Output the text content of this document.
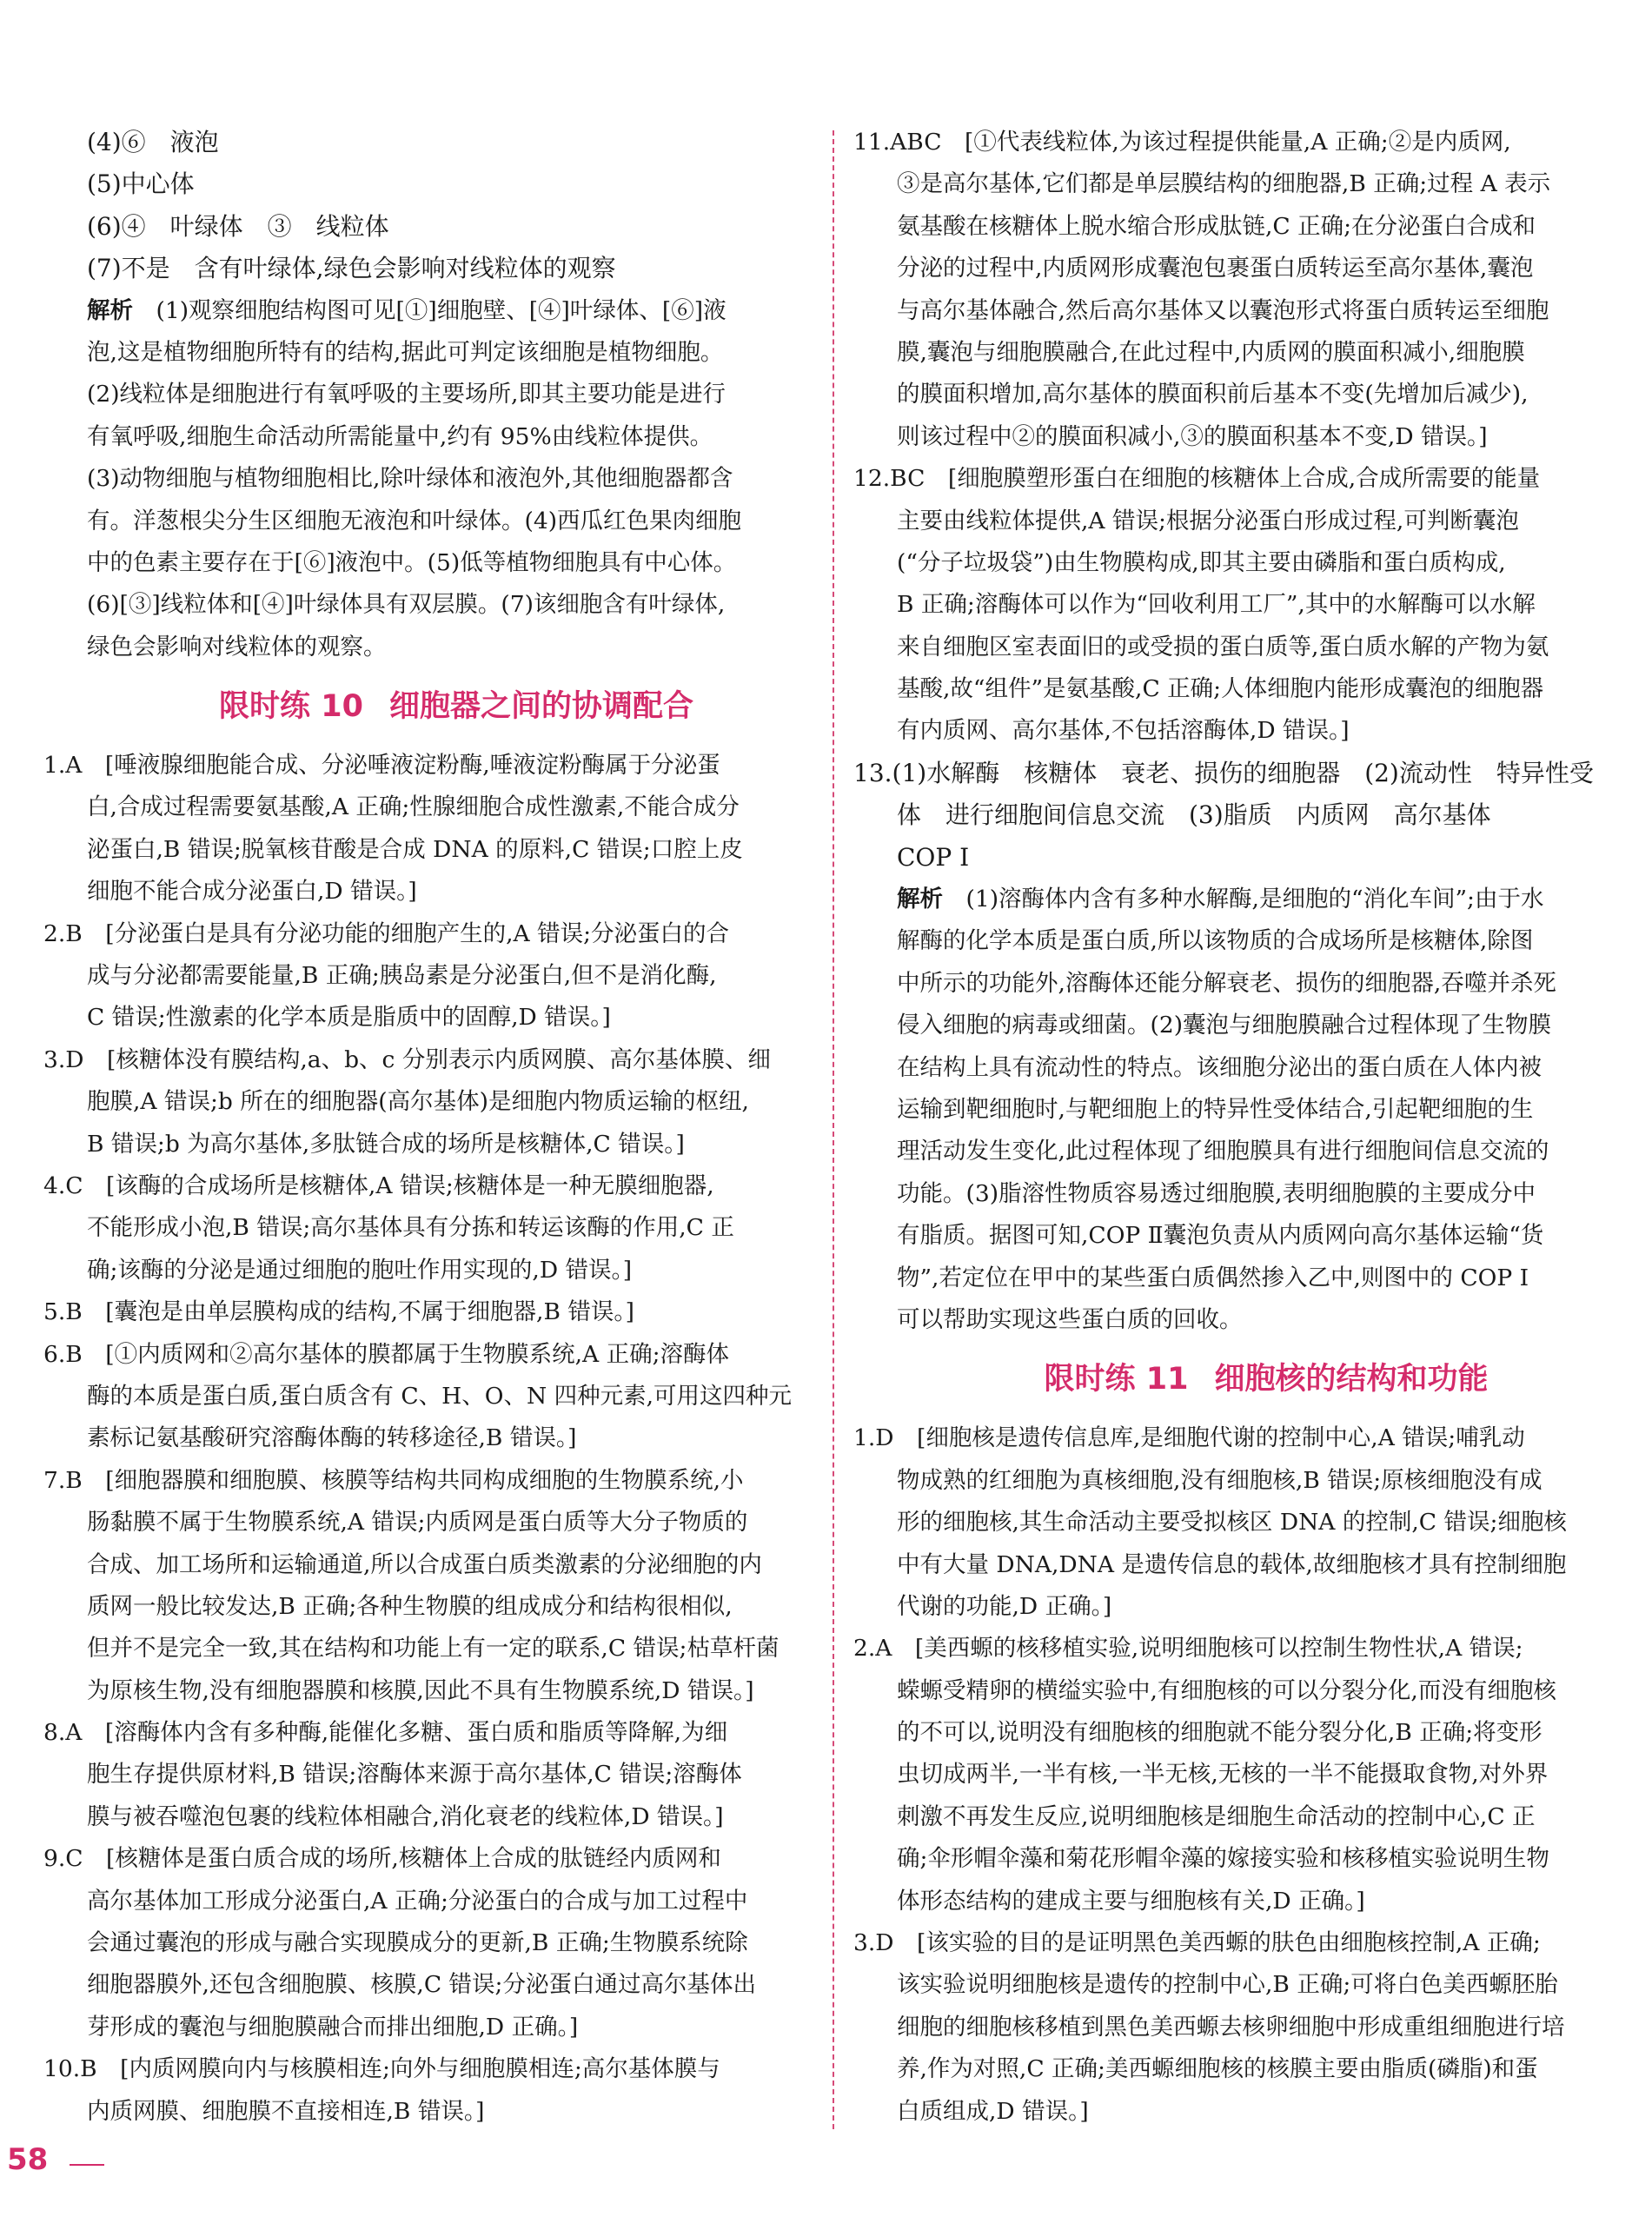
(4)⑥　液泡
(5)中心体
(6)④　叶绿体　③　线粒体
(7)不是　含有叶绿体,绿色会影响对线粒体的观察
解析　 (1)观察细胞结构图可见[①]细胞壁、[④]叶绿体、[⑥]液
泡,这是植物细胞所特有的结构,据此可判定该细胞是植物细胞。
(2)线粒体是细胞进行有氧呼吸的主要场所,即其主要功能是进行
有氧呼吸,细胞生命活动所需能量中,约有 95%由线粒体提供。
(3)动物细胞与植物细胞相比,除叶绿体和液泡外,其他细胞器都含
有。洋葱根尖分生区细胞无液泡和叶绿体。(4)西瓜红色果肉细胞
中的色素主要存在于[⑥]液泡中。(5)低等植物细胞具有中心体。
(6)[③]线粒体和[④]叶绿体具有双层膜。(7)该细胞含有叶绿体,
绿色会影响对线粒体的观察。
限时练 10 细胞器之间的协调配合
1.A　[唾液腺细胞能合成、分泌唾液淀粉酶,唾液淀粉酶属于分泌蛋
白,合成过程需要氨基酸,A 正确;性腺细胞合成性激素,不能合成分
泌蛋白,B 错误;脱氧核苷酸是合成 DNA 的原料,C 错误;口腔上皮
细胞不能合成分泌蛋白,D 错误。]
2.B　[分泌蛋白是具有分泌功能的细胞产生的,A 错误;分泌蛋白的合
成与分泌都需要能量,B 正确;胰岛素是分泌蛋白,但不是消化酶,
C 错误;性激素的化学本质是脂质中的固醇,D 错误。]
3.D　[核糖体没有膜结构,a、b、c 分别表示内质网膜、高尔基体膜、细
胞膜,A 错误;b 所在的细胞器(高尔基体)是细胞内物质运输的枢纽,
B 错误;b 为高尔基体,多肽链合成的场所是核糖体,C 错误。]
4.C　[该酶的合成场所是核糖体,A 错误;核糖体是一种无膜细胞器,
不能形成小泡,B 错误;高尔基体具有分拣和转运该酶的作用,C 正
确;该酶的分泌是通过细胞的胞吐作用实现的,D 错误。]
5.B　[囊泡是由单层膜构成的结构,不属于细胞器,B 错误。]
6.B　[①内质网和②高尔基体的膜都属于生物膜系统,A 正确;溶酶体
酶的本质是蛋白质,蛋白质含有 C、H、O、N 四种元素,可用这四种元
素标记氨基酸研究溶酶体酶的转移途径,B 错误。]
7.B　[细胞器膜和细胞膜、核膜等结构共同构成细胞的生物膜系统,小
肠黏膜不属于生物膜系统,A 错误;内质网是蛋白质等大分子物质的
合成、加工场所和运输通道,所以合成蛋白质类激素的分泌细胞的内
质网一般比较发达,B 正确;各种生物膜的组成成分和结构很相似,
但并不是完全一致,其在结构和功能上有一定的联系,C 错误;枯草杆菌
为原核生物,没有细胞器膜和核膜,因此不具有生物膜系统,D 错误。]
8.A　[溶酶体内含有多种酶,能催化多糖、蛋白质和脂质等降解,为细
胞生存提供原材料,B 错误;溶酶体来源于高尔基体,C 错误;溶酶体
膜与被吞噬泡包裹的线粒体相融合,消化衰老的线粒体,D 错误。]
9.C　[核糖体是蛋白质合成的场所,核糖体上合成的肽链经内质网和
高尔基体加工形成分泌蛋白,A 正确;分泌蛋白的合成与加工过程中
会通过囊泡的形成与融合实现膜成分的更新,B 正确;生物膜系统除
细胞器膜外,还包含细胞膜、核膜,C 错误;分泌蛋白通过高尔基体出
芽形成的囊泡与细胞膜融合而排出细胞,D 正确。]
10.B　[内质网膜向内与核膜相连;向外与细胞膜相连;高尔基体膜与
内质网膜、细胞膜不直接相连,B 错误。]
11.ABC　[①代表线粒体,为该过程提供能量,A 正确;②是内质网,
③是高尔基体,它们都是单层膜结构的细胞器,B 正确;过程 A 表示
氨基酸在核糖体上脱水缩合形成肽链,C 正确;在分泌蛋白合成和
分泌的过程中,内质网形成囊泡包裹蛋白质转运至高尔基体,囊泡
与高尔基体融合,然后高尔基体又以囊泡形式将蛋白质转运至细胞
膜,囊泡与细胞膜融合,在此过程中,内质网的膜面积减小,细胞膜
的膜面积增加,高尔基体的膜面积前后基本不变(先增加后减少),
则该过程中②的膜面积减小,③的膜面积基本不变,D 错误。]
12.BC　[细胞膜塑形蛋白在细胞的核糖体上合成,合成所需要的能量
主要由线粒体提供,A 错误;根据分泌蛋白形成过程,可判断囊泡
(“分子垃圾袋”)由生物膜构成,即其主要由磷脂和蛋白质构成,
B 正确;溶酶体可以作为“回收利用工厂”,其中的水解酶可以水解
来自细胞区室表面旧的或受损的蛋白质等,蛋白质水解的产物为氨
基酸,故“组件”是氨基酸,C 正确;人体细胞内能形成囊泡的细胞器
有内质网、高尔基体,不包括溶酶体,D 错误。]
13.(1)水解酶　核糖体　衰老、损伤的细胞器　(2)流动性　特异性受
体　进行细胞间信息交流　(3)脂质　内质网　高尔基体
COP Ⅰ
解析　 (1)溶酶体内含有多种水解酶,是细胞的“消化车间”;由于水
解酶的化学本质是蛋白质,所以该物质的合成场所是核糖体,除图
中所示的功能外,溶酶体还能分解衰老、损伤的细胞器,吞噬并杀死
侵入细胞的病毒或细菌。(2)囊泡与细胞膜融合过程体现了生物膜
在结构上具有流动性的特点。该细胞分泌出的蛋白质在人体内被
运输到靶细胞时,与靶细胞上的特异性受体结合,引起靶细胞的生
理活动发生变化,此过程体现了细胞膜具有进行细胞间信息交流的
功能。(3)脂溶性物质容易透过细胞膜,表明细胞膜的主要成分中
有脂质。据图可知,COP Ⅱ囊泡负责从内质网向高尔基体运输“货
物”,若定位在甲中的某些蛋白质偶然掺入乙中,则图中的 COP Ⅰ
可以帮助实现这些蛋白质的回收。
限时练 11 细胞核的结构和功能
1.D　[细胞核是遗传信息库,是细胞代谢的控制中心,A 错误;哺乳动
物成熟的红细胞为真核细胞,没有细胞核,B 错误;原核细胞没有成
形的细胞核,其生命活动主要受拟核区 DNA 的控制,C 错误;细胞核
中有大量 DNA,DNA 是遗传信息的载体,故细胞核才具有控制细胞
代谢的功能,D 正确。]
2.A　[美西螈的核移植实验,说明细胞核可以控制生物性状,A 错误;
蝾螈受精卵的横缢实验中,有细胞核的可以分裂分化,而没有细胞核
的不可以,说明没有细胞核的细胞就不能分裂分化,B 正确;将变形
虫切成两半,一半有核,一半无核,无核的一半不能摄取食物,对外界
刺激不再发生反应,说明细胞核是细胞生命活动的控制中心,C 正
确;伞形帽伞藻和菊花形帽伞藻的嫁接实验和核移植实验说明生物
体形态结构的建成主要与细胞核有关,D 正确。]
3.D　[该实验的目的是证明黑色美西螈的肤色由细胞核控制,A 正确;
该实验说明细胞核是遗传的控制中心,B 正确;可将白色美西螈胚胎
细胞的细胞核移植到黑色美西螈去核卵细胞中形成重组细胞进行培
养,作为对照,C 正确;美西螈细胞核的核膜主要由脂质(磷脂)和蛋
白质组成,D 错误。]
58
